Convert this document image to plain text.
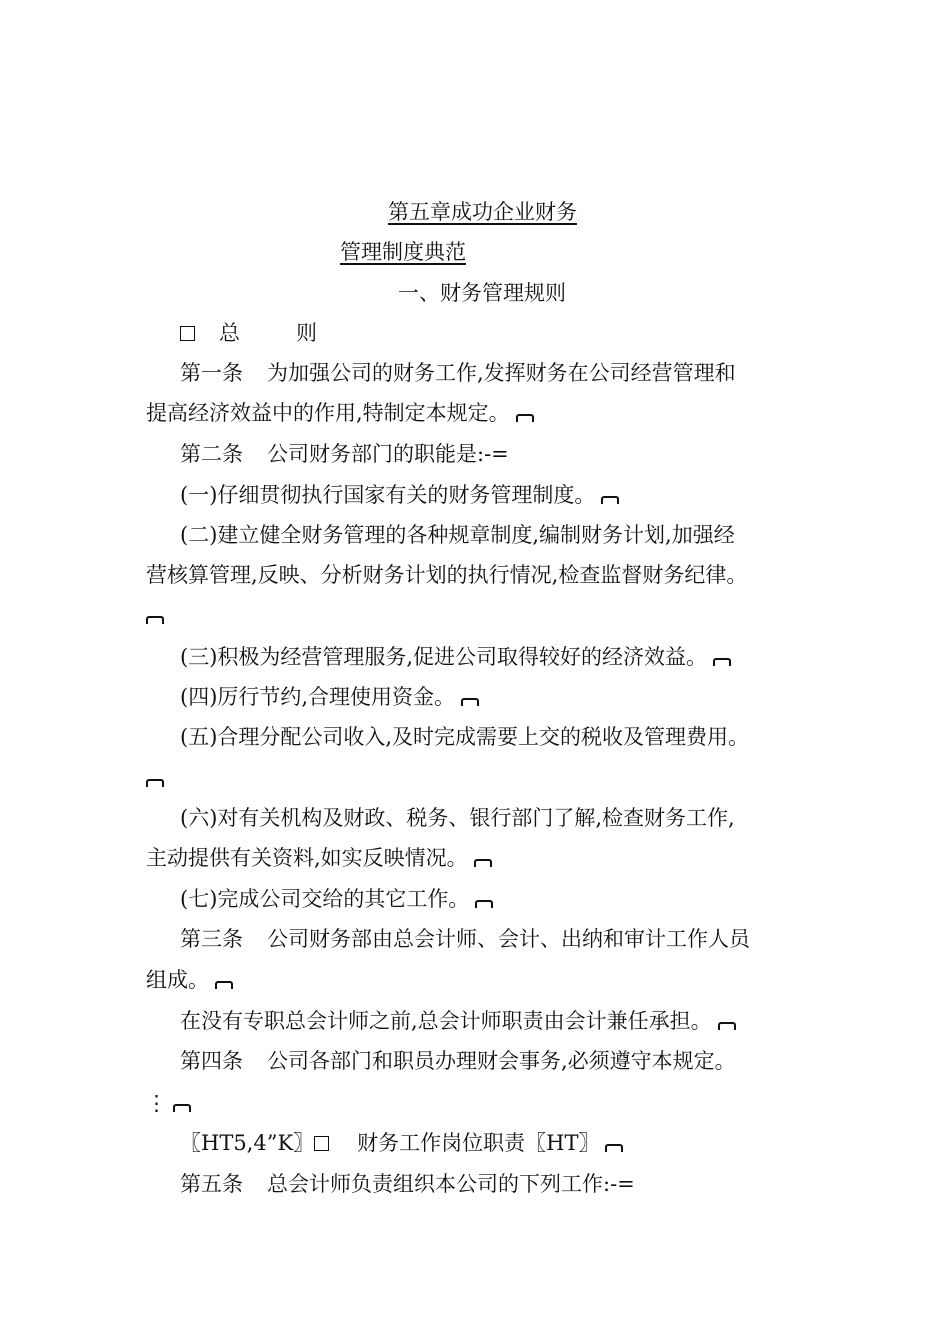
第五章成功企业财务
管理制度典范
一、财务管理规则
总	则
第一条 为加强公司的财务工作,发挥财务在公司经营管理和
提高经济效益中的作用,特制定本规定。
第二条 公司财务部门的职能是:-=
(一)仔细贯彻执行国家有关的财务管理制度。
(二)建立健全财务管理的各种规章制度,编制财务计划,加强经
营核算管理,反映、分析财务计划的执行情况,检查监督财务纪律。
(三)积极为经营管理服务,促进公司取得较好的经济效益。
(四)厉行节约,合理使用资金。
(五)合理分配公司收入,及时完成需要上交的税收及管理费用。
(六)对有关机构及财政、税务、银行部门了解,检查财务工作,
主动提供有关资料,如实反映情况。
(七)完成公司交给的其它工作。
第三条 公司财务部由总会计师、会计、出纳和审计工作人员
组成。
在没有专职总会计师之前,总会计师职责由会计兼任承担。
第四条 公司各部门和职员办理财会事务,必须遵守本规定。
⋮
〖HT5,4”K〗 财务工作岗位职责〖HT〗
第五条 总会计师负责组织本公司的下列工作:-=
